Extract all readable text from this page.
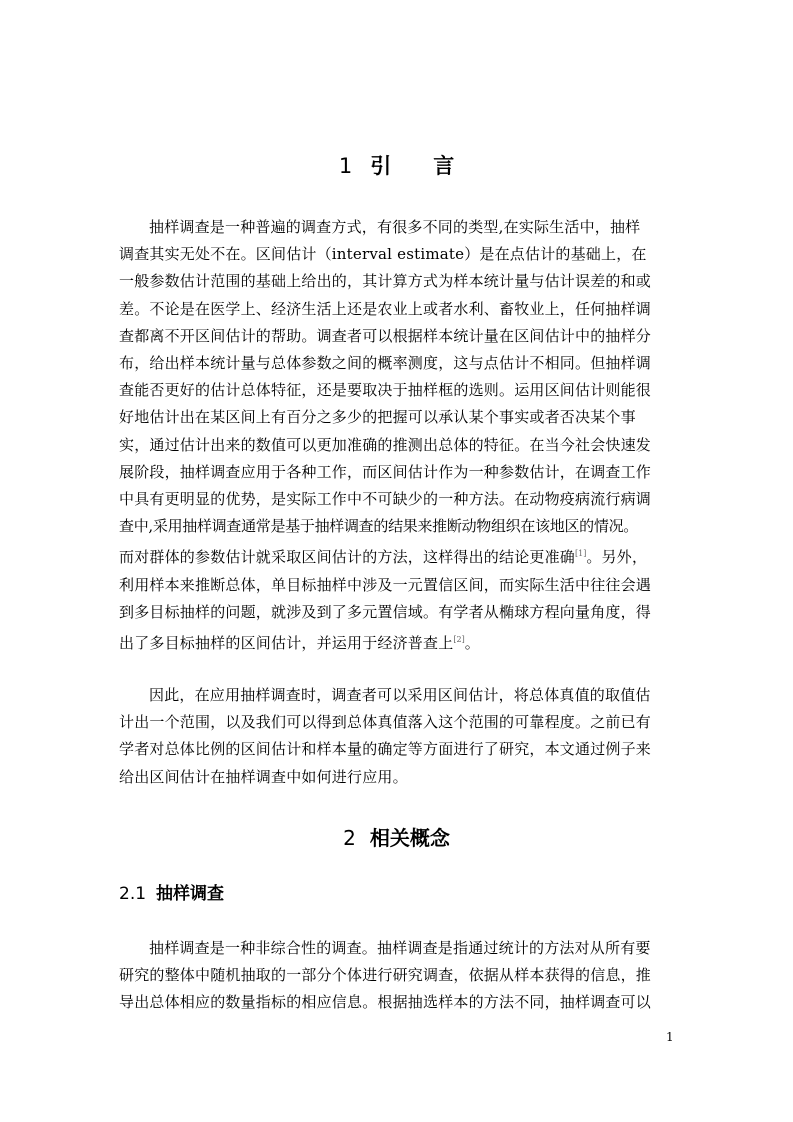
1 引 言

抽样调查是一种普遍的调查方式，有很多不同的类型,在实际生活中，抽样
调查其实无处不在。区间估计（interval estimate）是在点估计的基础上，在
一般参数估计范围的基础上给出的，其计算方式为样本统计量与估计误差的和或
差。不论是在医学上、经济生活上还是农业上或者水利、畜牧业上，任何抽样调
查都离不开区间估计的帮助。调查者可以根据样本统计量在区间估计中的抽样分
布，给出样本统计量与总体参数之间的概率测度，这与点估计不相同。但抽样调
查能否更好的估计总体特征，还是要取决于抽样框的选则。运用区间估计则能很
好地估计出在某区间上有百分之多少的把握可以承认某个事实或者否决某个事
实，通过估计出来的数值可以更加准确的推测出总体的特征。在当今社会快速发
展阶段，抽样调查应用于各种工作，而区间估计作为一种参数估计，在调查工作
中具有更明显的优势，是实际工作中不可缺少的一种方法。在动物疫病流行病调
查中,采用抽样调查通常是基于抽样调查的结果来推断动物组织在该地区的情况。
而对群体的参数估计就采取区间估计的方法，这样得出的结论更准确[1]。另外，
利用样本来推断总体，单目标抽样中涉及一元置信区间，而实际生活中往往会遇
到多目标抽样的问题，就涉及到了多元置信域。有学者从椭球方程向量角度，得
出了多目标抽样的区间估计，并运用于经济普查上[2]。

因此，在应用抽样调查时，调查者可以采用区间估计，将总体真值的取值估
计出一个范围，以及我们可以得到总体真值落入这个范围的可靠程度。之前已有
学者对总体比例的区间估计和样本量的确定等方面进行了研究，本文通过例子来
给出区间估计在抽样调查中如何进行应用。

2 相关概念
2.1 抽样调查

抽样调查是一种非综合性的调查。抽样调查是指通过统计的方法对从所有要
研究的整体中随机抽取的一部分个体进行研究调查，依据从样本获得的信息，推
导出总体相应的数量指标的相应信息。根据抽选样本的方法不同，抽样调查可以

1
